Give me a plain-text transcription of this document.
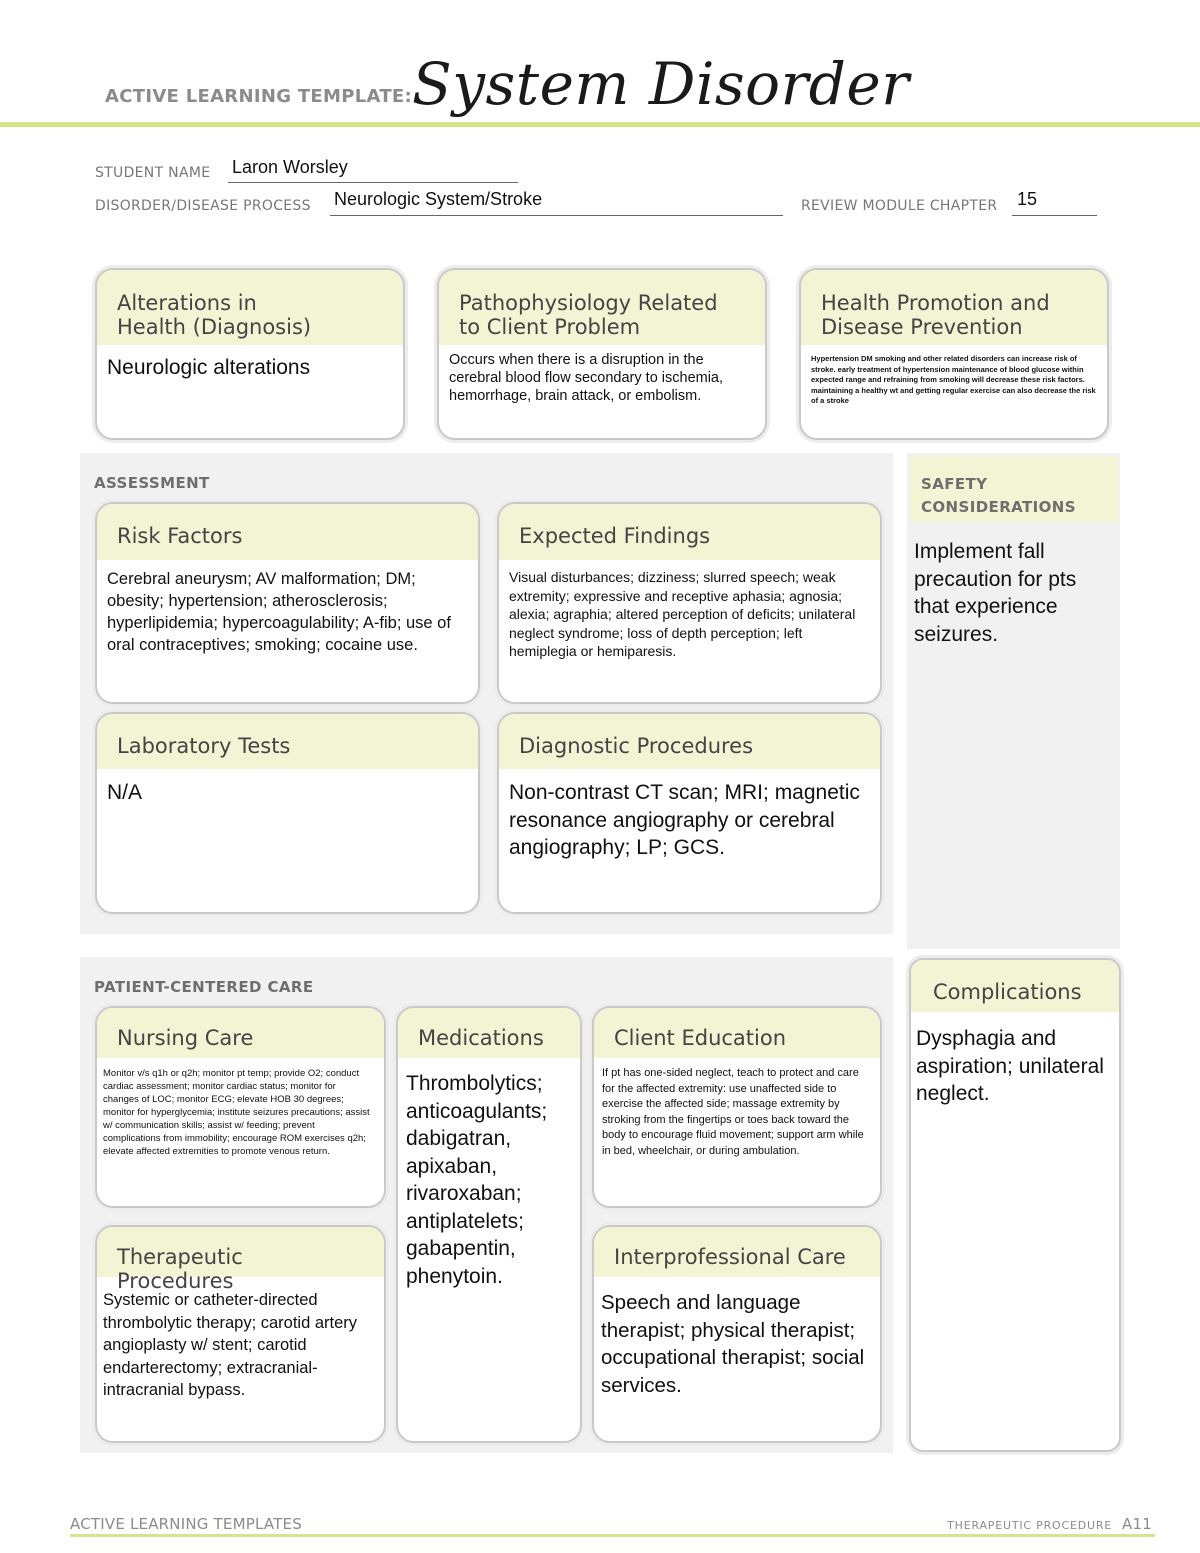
ACTIVE LEARNING TEMPLATE: System Disorder
STUDENT NAME Laron Worsley
DISORDER/DISEASE PROCESS Neurologic System/Stroke	REVIEW MODULE CHAPTER 15
Alterations in
Health (Diagnosis)
Neurologic alterations
Pathophysiology Related
to Client Problem
Occurs when there is a disruption in the cerebral blood flow secondary to ischemia, hemorrhage, brain attack, or embolism.
Health Promotion and
Disease Prevention
Hypertension DM smoking and other related disorders can increase risk of stroke. early treatment of hypertension maintenance of blood glucose within expected range and refraining from smoking will decrease these risk factors. maintaining a healthy wt and getting regular exercise can also decrease the risk of a stroke
ASSESSMENT
Risk Factors
Cerebral aneurysm; AV malformation; DM; obesity; hypertension; atherosclerosis; hyperlipidemia; hypercoagulability; A-fib; use of oral contraceptives; smoking; cocaine use.
Expected Findings
Visual disturbances; dizziness; slurred speech; weak extremity; expressive and receptive aphasia; agnosia; alexia; agraphia; altered perception of deficits; unilateral neglect syndrome; loss of depth perception; left hemiplegia or hemiparesis.
Laboratory Tests
N/A
Diagnostic Procedures
Non-contrast CT scan; MRI; magnetic resonance angiography or cerebral angiography; LP; GCS.
SAFETY
CONSIDERATIONS
Implement fall precaution for pts that experience seizures.
PATIENT-CENTERED CARE
Nursing Care
Monitor v/s q1h or q2h; monitor pt temp; provide O2; conduct cardiac assessment; monitor cardiac status; monitor for changes of LOC; monitor ECG; elevate HOB 30 degrees; monitor for hyperglycemia; institute seizures precautions; assist w/ communication skills; assist w/ feeding; prevent complications from immobility; encourage ROM exercises q2h; elevate affected extremities to promote venous return.
Medications
Thrombolytics; anticoagulants; dabigatran, apixaban, rivaroxaban; antiplatelets; gabapentin, phenytoin.
Client Education
If pt has one-sided neglect, teach to protect and care for the affected extremity: use unaffected side to exercise the affected side; massage extremity by stroking from the fingertips or toes back toward the body to encourage fluid movement; support arm while in bed, wheelchair, or during ambulation.
Therapeutic Procedures
Systemic or catheter-directed thrombolytic therapy; carotid artery angioplasty w/ stent; carotid endarterectomy; extracranial-intracranial bypass.
Interprofessional Care
Speech and language therapist; physical therapist; occupational therapist; social services.
Complications
Dysphagia and aspiration; unilateral neglect.
ACTIVE LEARNING TEMPLATES	THERAPEUTIC PROCEDURE A11
